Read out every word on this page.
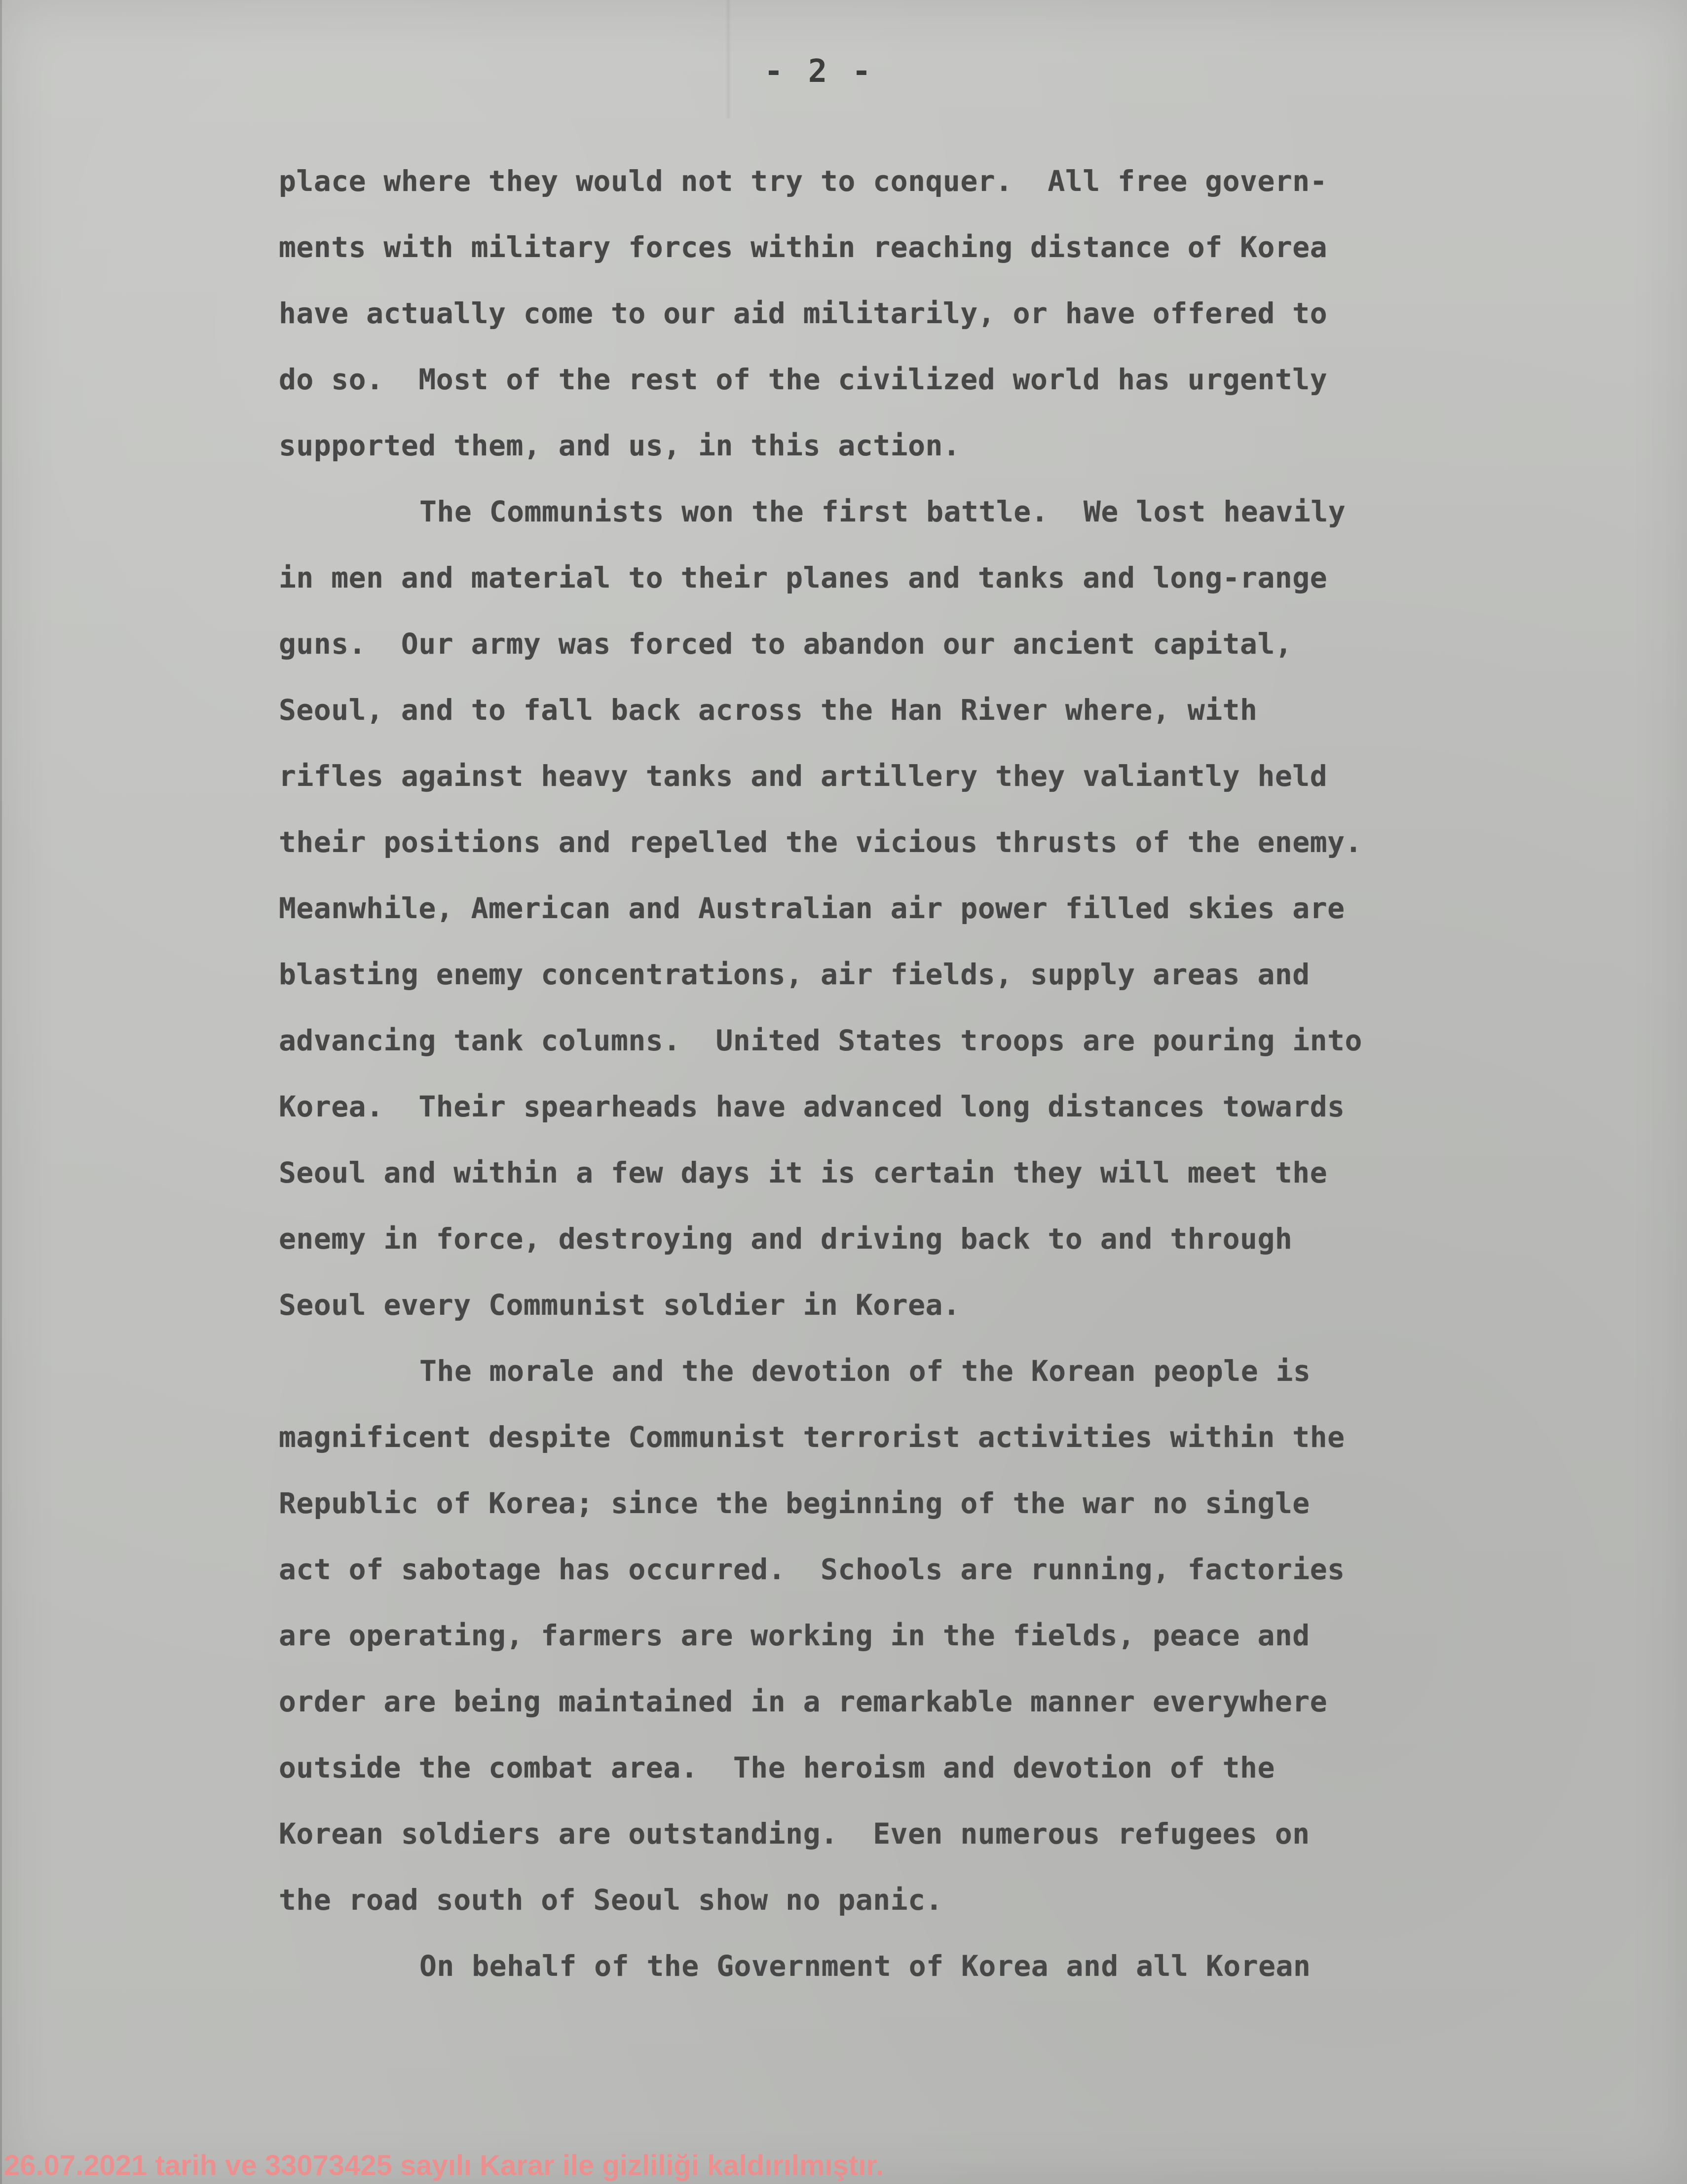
- 2 -
place where they would not try to conquer.  All free govern-
ments with military forces within reaching distance of Korea
have actually come to our aid militarily, or have offered to
do so.  Most of the rest of the civilized world has urgently
supported them, and us, in this action.
The Communists won the first battle.  We lost heavily
in men and material to their planes and tanks and long-range
guns.  Our army was forced to abandon our ancient capital,
Seoul, and to fall back across the Han River where, with
rifles against heavy tanks and artillery they valiantly held
their positions and repelled the vicious thrusts of the enemy.
Meanwhile, American and Australian air power filled skies are
blasting enemy concentrations, air fields, supply areas and
advancing tank columns.  United States troops are pouring into
Korea.  Their spearheads have advanced long distances towards
Seoul and within a few days it is certain they will meet the
enemy in force, destroying and driving back to and through
Seoul every Communist soldier in Korea.
The morale and the devotion of the Korean people is
magnificent despite Communist terrorist activities within the
Republic of Korea; since the beginning of the war no single
act of sabotage has occurred.  Schools are running, factories
are operating, farmers are working in the fields, peace and
order are being maintained in a remarkable manner everywhere
outside the combat area.  The heroism and devotion of the
Korean soldiers are outstanding.  Even numerous refugees on
the road south of Seoul show no panic.
On behalf of the Government of Korea and all Korean
26.07.2021 tarih ve 33073425 sayılı Karar ile gizliliği kaldırılmıştır.
